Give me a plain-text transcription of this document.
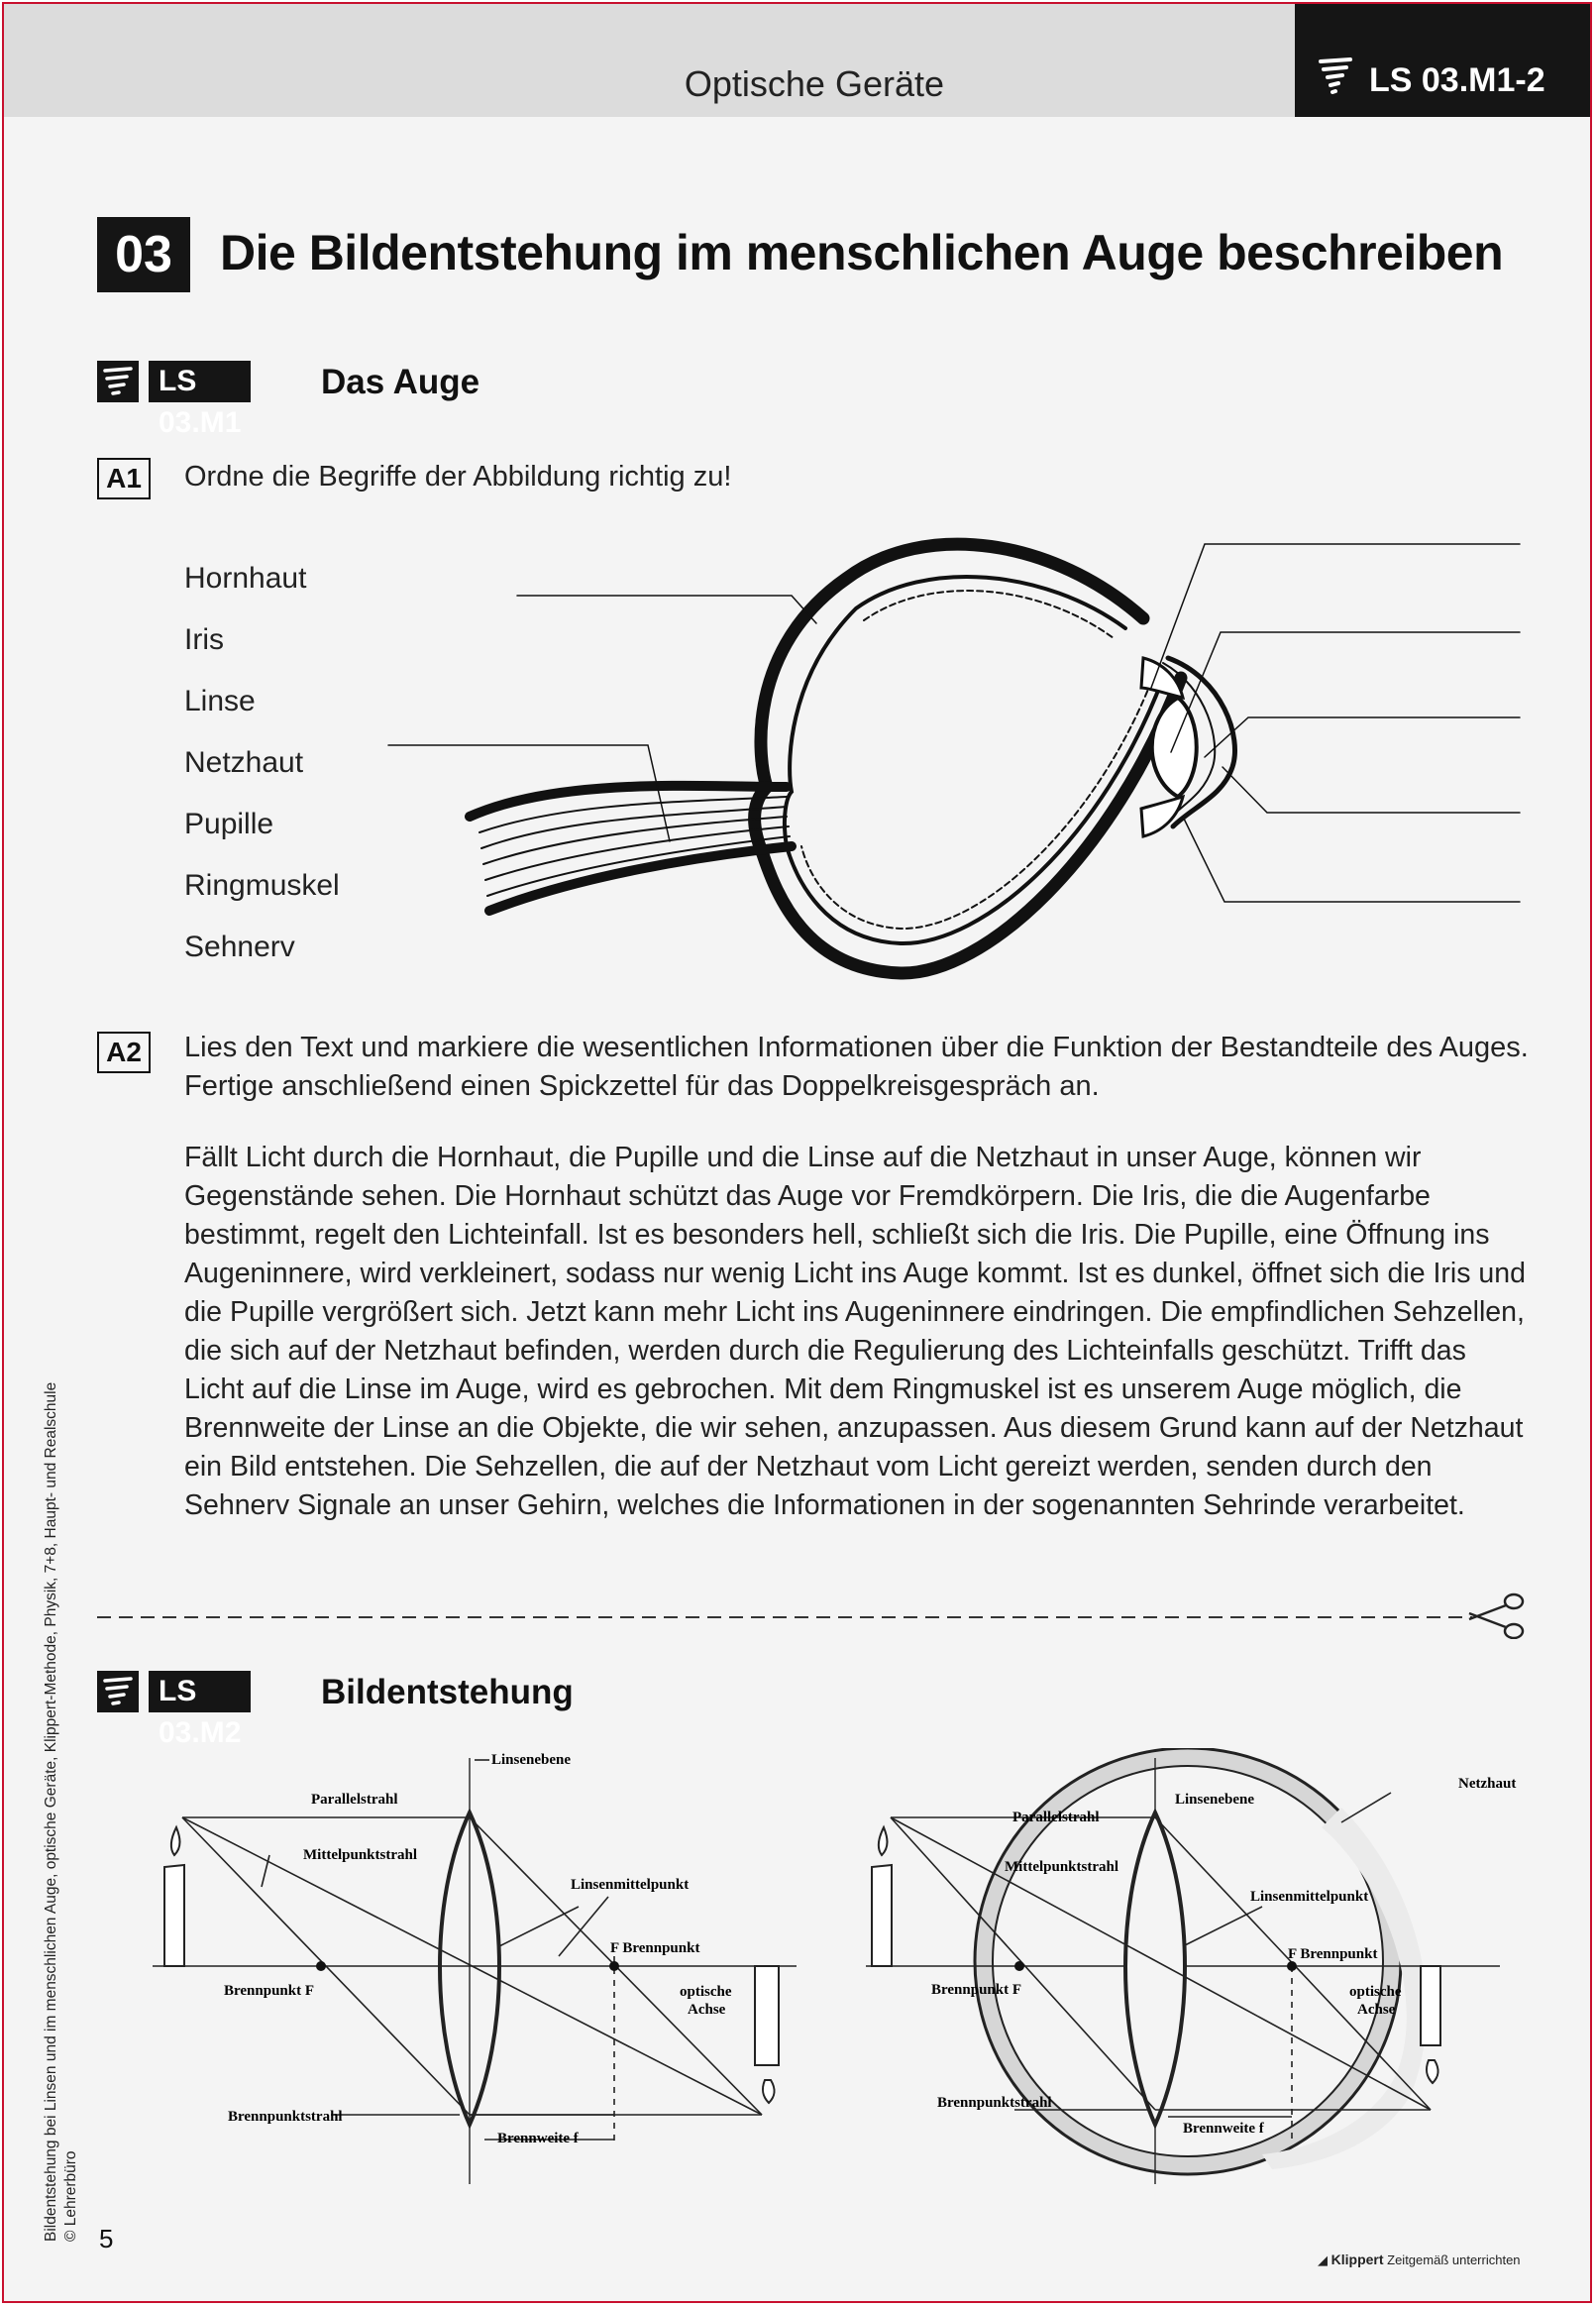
Optische Geräte	LS 03.M1-2
03 Die Bildentstehung im menschlichen Auge beschreiben
LS 03.M1
Das Auge
A1	Ordne die Begriffe der Abbildung richtig zu!
Hornhaut
Iris
Linse
Netzhaut
Pupille
Ringmuskel
Sehnerv
A2	Lies den Text und markiere die wesentlichen Informationen über die Funktion der Bestandteile des Auges. Fertige anschließend einen Spickzettel für das Doppelkreisgespräch an.
Fällt Licht durch die Hornhaut, die Pupille und die Linse auf die Netzhaut in unser Auge, können wir Gegenstände sehen. Die Hornhaut schützt das Auge vor Fremdkörpern. Die Iris, die die Augenfarbe bestimmt, regelt den Lichteinfall. Ist es besonders hell, schließt sich die Iris. Die Pupille, eine Öffnung ins Augeninnere, wird verkleinert, sodass nur wenig Licht ins Auge kommt. Ist es dunkel, öffnet sich die Iris und die Pupille vergrößert sich. Jetzt kann mehr Licht ins Augeninnere eindringen. Die empfindlichen Sehzellen, die sich auf der Netzhaut befinden, werden durch die Regulierung des Lichteinfalls geschützt. Trifft das Licht auf die Linse im Auge, wird es gebrochen. Mit dem Ringmuskel ist es unserem Auge möglich, die Brennweite der Linse an die Objekte, die wir sehen, anzupassen. Aus diesem Grund kann auf der Netzhaut ein Bild entstehen. Die Sehzellen, die auf der Netzhaut vom Licht gereizt werden, senden durch den Sehnerv Signale an unser Gehirn, welches die Informationen in der sogenannten Sehrinde verarbeitet.
LS 03.M2
Bildentstehung
Parallelstrahl
Mittelpunktstrahl
Linsenebene
Linsenmittelpunkt
F Brennpunkt
Brennpunkt F	optische
Achse
Brennpunktstrahl
Brennweite f
Parallelstrahl
Mittelpunktstrahl
Linsenebene
Netzhaut
Linsenmittelpunkt
F Brennpunkt
Brennpunkt F	optische
Achse
Brennpunktstrahl
Brennweite f
Bildentstehung bei Linsen und im menschlichen Auge, optische Geräte, Klippert-Methode, Physik, 7+8, Haupt- und Realschule © Lehrerbüro 5
◢ Klippert Zeitgemäß unterrichten
